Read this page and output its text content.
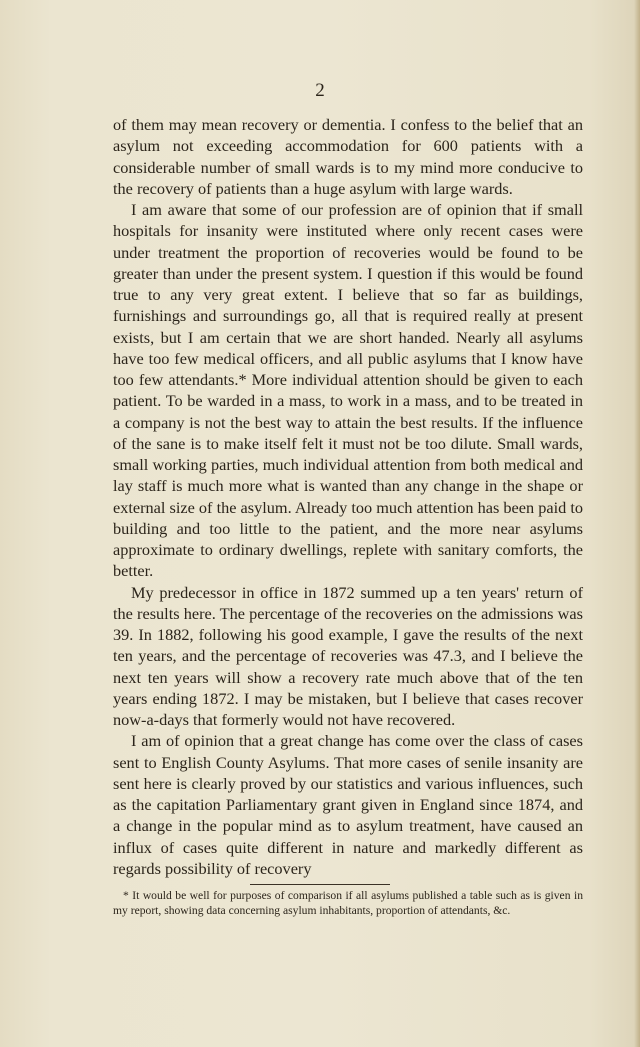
2

of them may mean recovery or dementia. I confess to the belief that an asylum not exceeding accommodation for 600 patients with a considerable number of small wards is to my mind more conducive to the recovery of patients than a huge asylum with large wards.

I am aware that some of our profession are of opinion that if small hospitals for insanity were instituted where only recent cases were under treatment the proportion of recoveries would be found to be greater than under the present system. I question if this would be found true to any very great extent. I believe that so far as buildings, furnishings and surroundings go, all that is required really at present exists, but I am certain that we are short handed. Nearly all asylums have too few medical officers, and all public asylums that I know have too few attendants.* More individual attention should be given to each patient. To be warded in a mass, to work in a mass, and to be treated in a company is not the best way to attain the best results. If the influence of the sane is to make itself felt it must not be too dilute. Small wards, small working parties, much individual attention from both medical and lay staff is much more what is wanted than any change in the shape or external size of the asylum. Already too much attention has been paid to building and too little to the patient, and the more near asylums approximate to ordinary dwellings, replete with sanitary comforts, the better.

My predecessor in office in 1872 summed up a ten years' return of the results here. The percentage of the recoveries on the admissions was 39. In 1882, following his good example, I gave the results of the next ten years, and the percentage of recoveries was 47.3, and I believe the next ten years will show a recovery rate much above that of the ten years ending 1872. I may be mistaken, but I believe that cases recover now-a-days that formerly would not have recovered.

I am of opinion that a great change has come over the class of cases sent to English County Asylums. That more cases of senile insanity are sent here is clearly proved by our statistics and various influences, such as the capitation Parliamentary grant given in England since 1874, and a change in the popular mind as to asylum treatment, have caused an influx of cases quite different in nature and markedly different as regards possibility of recovery

* It would be well for purposes of comparison if all asylums published a table such as is given in my report, showing data concerning asylum inhabitants, proportion of attendants, &c.
